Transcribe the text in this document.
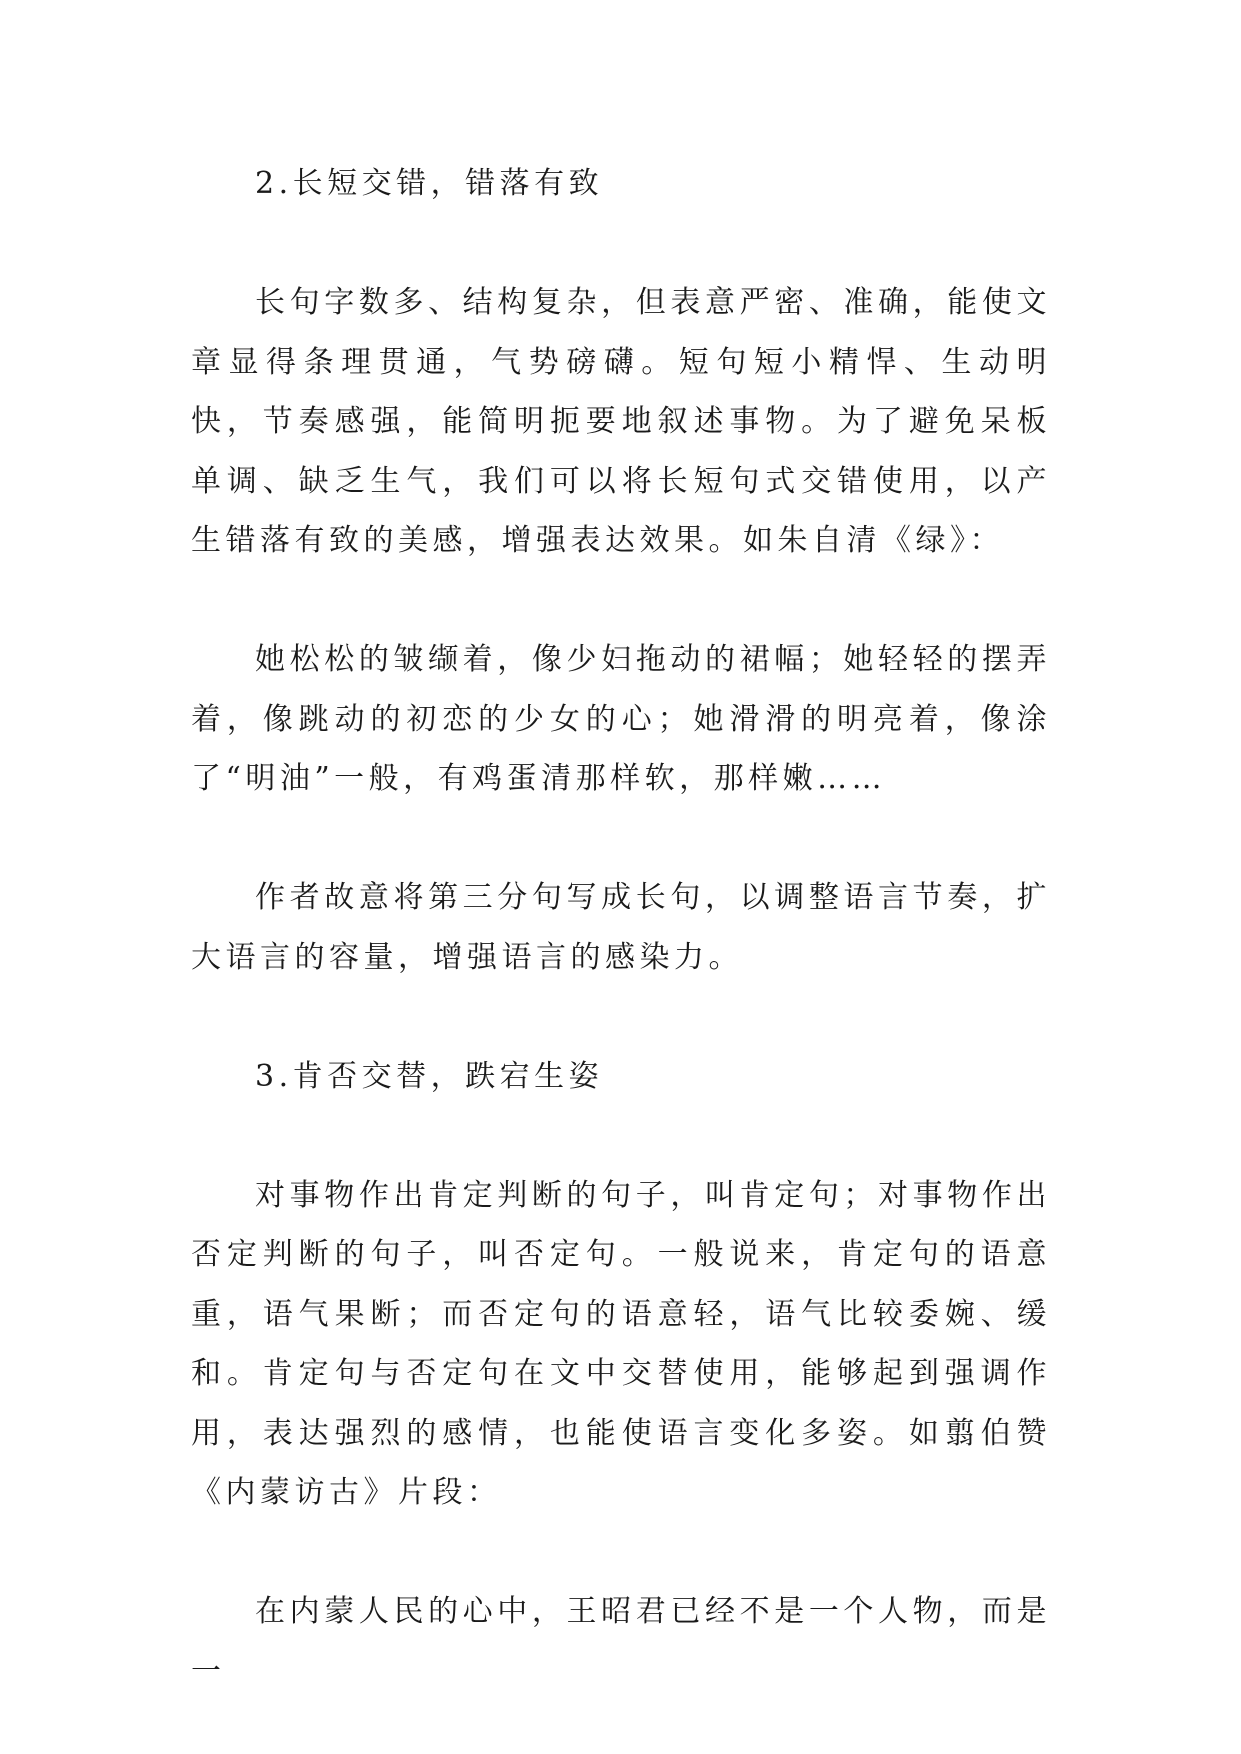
2.长短交错，错落有致

长句字数多、结构复杂，但表意严密、准确，能使文章显得条理贯通，气势磅礴。短句短小精悍、生动明快，节奏感强，能简明扼要地叙述事物。为了避免呆板单调、缺乏生气，我们可以将长短句式交错使用，以产生错落有致的美感，增强表达效果。如朱自清《绿》：

她松松的皱缬着，像少妇拖动的裙幅；她轻轻的摆弄着，像跳动的初恋的少女的心；她滑滑的明亮着，像涂了“明油”一般，有鸡蛋清那样软，那样嫩……

作者故意将第三分句写成长句，以调整语言节奏，扩大语言的容量，增强语言的感染力。

3.肯否交替，跌宕生姿

对事物作出肯定判断的句子，叫肯定句；对事物作出否定判断的句子，叫否定句。一般说来，肯定句的语意重，语气果断；而否定句的语意轻，语气比较委婉、缓和。肯定句与否定句在文中交替使用，能够起到强调作用，表达强烈的感情，也能使语言变化多姿。如翦伯赞《内蒙访古》片段：

在内蒙人民的心中，王昭君已经不是一个人物，而是一
